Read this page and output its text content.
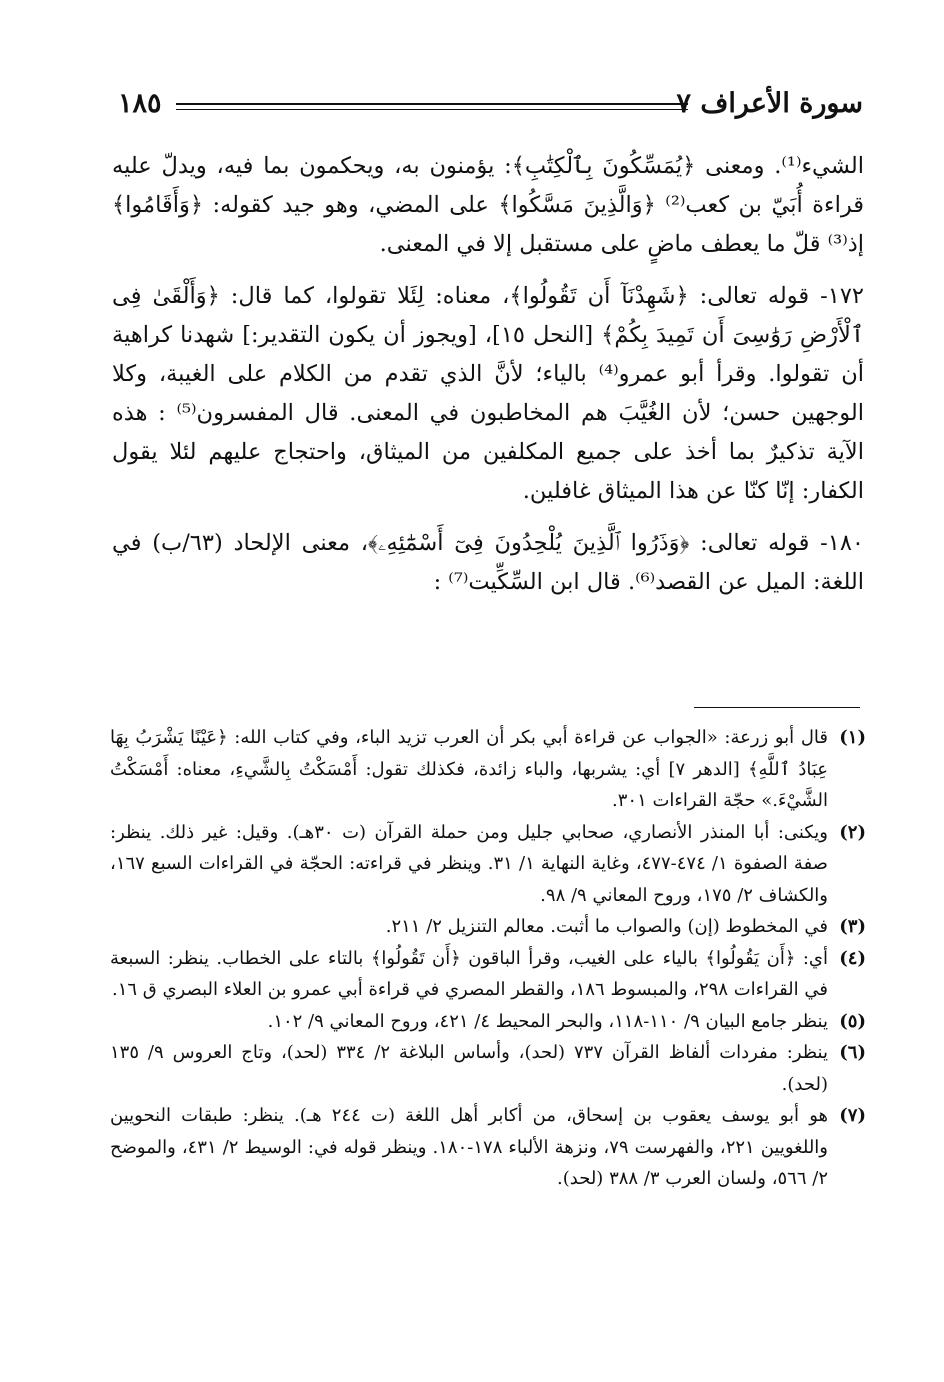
سورة الأعراف ٧
١٨٥

الشيء⁽¹⁾. ومعنى ﴿يُمَسِّكُونَ بِٱلْكِتَٰبِ﴾: يؤمنون به، ويحكمون بما فيه، ويدلّ عليه قراءة أُبَيّ بن كعب⁽²⁾ ﴿وَالَّذِينَ مَسَّكُوا﴾ على المضي، وهو جيد كقوله: ﴿وَأَقَامُوا﴾ إذ⁽³⁾ قلّ ما يعطف ماضٍ على مستقبل إلا في المعنى.

١٧٢- قوله تعالى: ﴿شَهِدْنَآ أَن تَقُولُوا﴾، معناه: لِئَلا تقولوا، كما قال: ﴿وَأَلْقَىٰ فِى ٱلْأَرْضِ رَوَٰسِىَ أَن تَمِيدَ بِكُمْ﴾ [النحل ١٥]، [ويجوز أن يكون التقدير:] شهدنا كراهية أن تقولوا. وقرأ أبو عمرو⁽⁴⁾ بالياء؛ لأنَّ الذي تقدم من الكلام على الغيبة، وكلا الوجهين حسن؛ لأن الغُيَّبَ هم المخاطبون في المعنى. قال المفسرون⁽⁵⁾ : هذه الآية تذكيرٌ بما أخذ على جميع المكلفين من الميثاق، واحتجاج عليهم لئلا يقول الكفار: إنّا كنّا عن هذا الميثاق غافلين.

١٨٠- قوله تعالى: ﴿وَذَرُوا ٱلَّذِينَ يُلْحِدُونَ فِىٓ أَسْمَٰٓئِهِۦ﴾، معنى الإلحاد (٦٣/ب) في اللغة: الميل عن القصد⁽⁶⁾. قال ابن السِّكِّيت⁽⁷⁾ :

(١)
قال أبو زرعة: «الجواب عن قراءة أبي بكر أن العرب تزيد الباء، وفي كتاب الله: ﴿عَيْنًا يَشْرَبُ بِهَا عِبَادُ ٱللَّهِ﴾ [الدهر ٧] أي: يشربها، والباء زائدة، فكذلك تقول: أَمْسَكْتُ بِالشَّيءِ، معناه: أَمْسَكْتُ الشَّيْءَ.» حجّة القراءات ٣٠١.
(٢)
ويكنى: أبا المنذر الأنصاري، صحابي جليل ومن حملة القرآن (ت ٣٠هـ). وقيل: غير ذلك. ينظر: صفة الصفوة ١/ ٤٧٤-٤٧٧، وغاية النهاية ١/ ٣١. وينظر في قراءته: الحجّة في القراءات السبع ١٦٧، والكشاف ٢/ ١٧٥، وروح المعاني ٩/ ٩٨.
(٣)
في المخطوط (إن) والصواب ما أثبت. معالم التنزيل ٢/ ٢١١.
(٤)
أي: ﴿أَن يَقُولُوا﴾ بالياء على الغيب، وقرأ الباقون ﴿أَن تَقُولُوا﴾ بالتاء على الخطاب. ينظر: السبعة في القراءات ٢٩٨، والمبسوط ١٨٦، والقطر المصري في قراءة أبي عمرو بن العلاء البصري ق ١٦.
(٥)
ينظر جامع البيان ٩/ ١١٠-١١٨، والبحر المحيط ٤/ ٤٢١، وروح المعاني ٩/ ١٠٢.
(٦)
ينظر: مفردات ألفاظ القرآن ٧٣٧ (لحد)، وأساس البلاغة ٢/ ٣٣٤ (لحد)، وتاج العروس ٩/ ١٣٥ (لحد).
(٧)
هو أبو يوسف يعقوب بن إسحاق، من أكابر أهل اللغة (ت ٢٤٤ هـ). ينظر: طبقات النحويين واللغويين ٢٢١، والفهرست ٧٩، ونزهة الألباء ١٧٨-١٨٠. وينظر قوله في: الوسيط ٢/ ٤٣١، والموضح ٢/ ٥٦٦، ولسان العرب ٣/ ٣٨٨ (لحد).
